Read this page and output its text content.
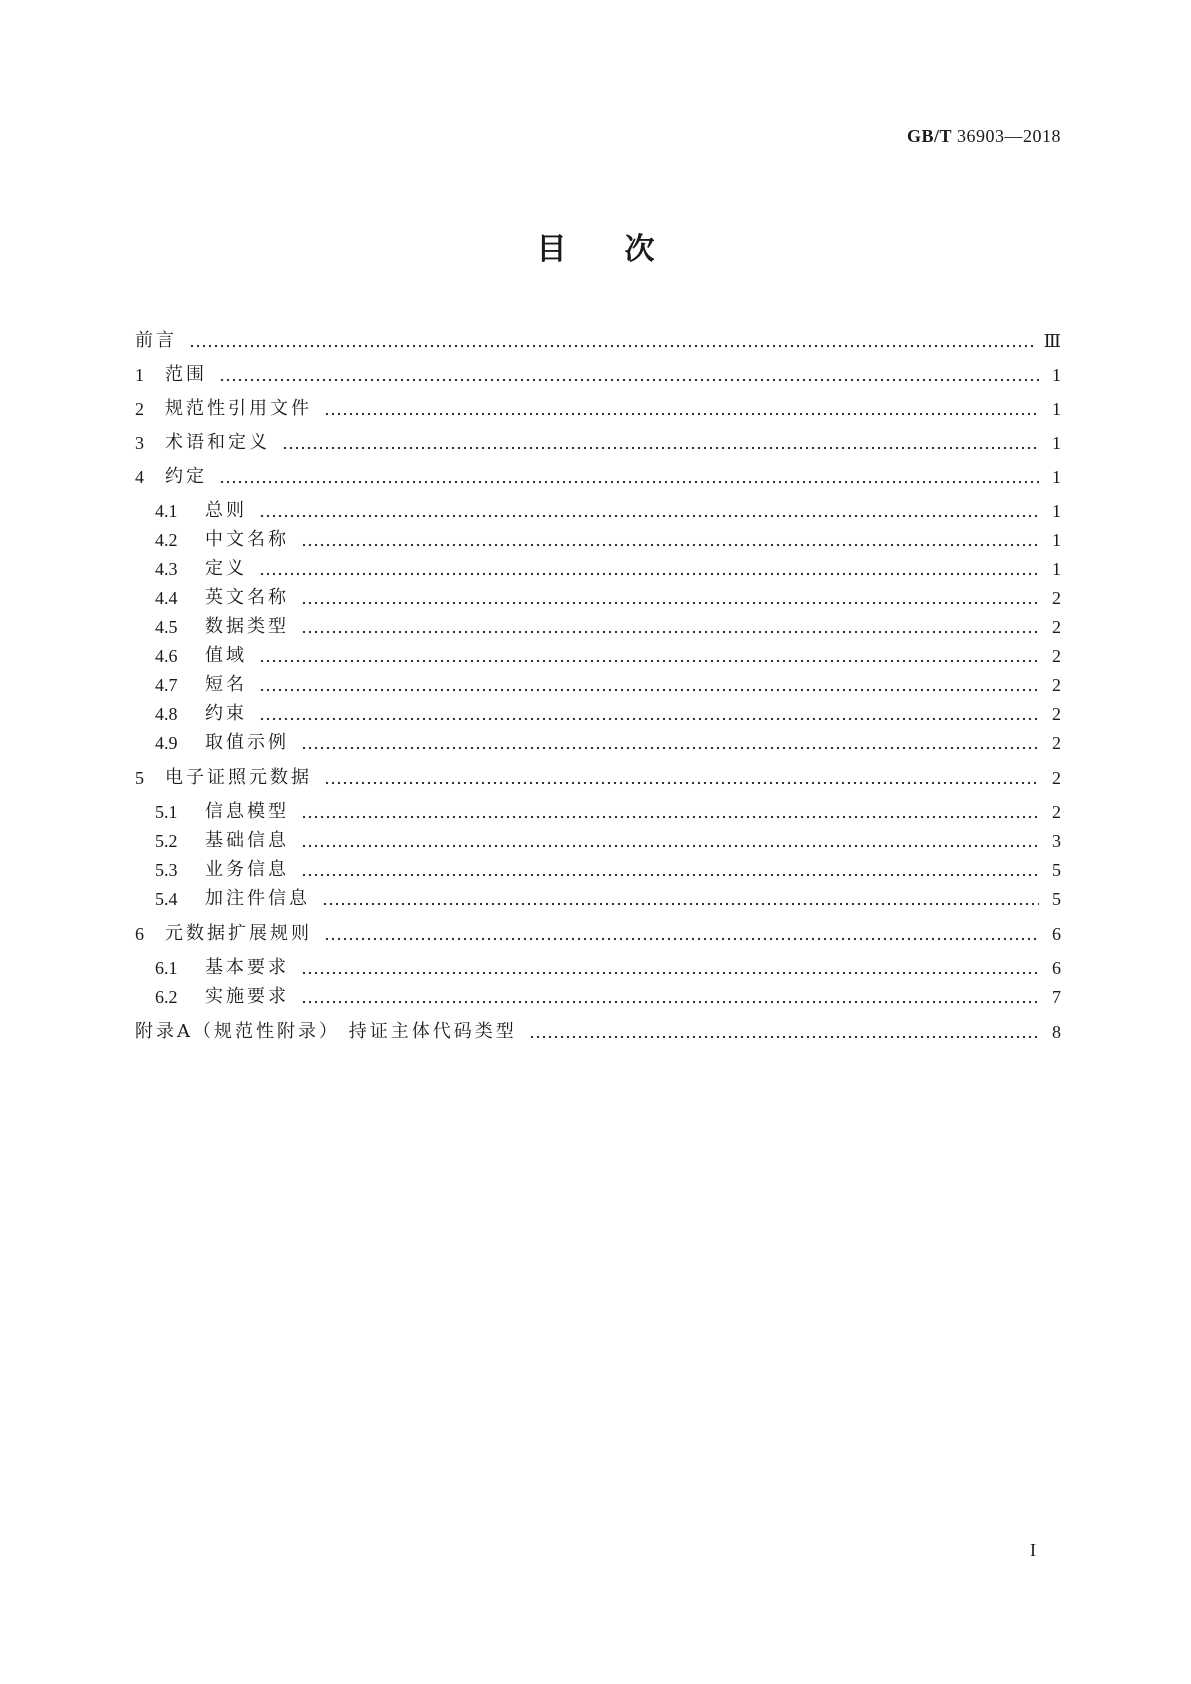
GB/T 36903—2018
目次
前言	Ⅲ
1	范围	1
2	规范性引用文件	1
3	术语和定义	1
4	约定	1
4.1	总则	1
4.2	中文名称	1
4.3	定义	1
4.4	英文名称	2
4.5	数据类型	2
4.6	值域	2
4.7	短名	2
4.8	约束	2
4.9	取值示例	2
5	电子证照元数据	2
5.1	信息模型	2
5.2	基础信息	3
5.3	业务信息	5
5.4	加注件信息	5
6	元数据扩展规则	6
6.1	基本要求	6
6.2	实施要求	7
附录A（规范性附录） 持证主体代码类型	8
I
